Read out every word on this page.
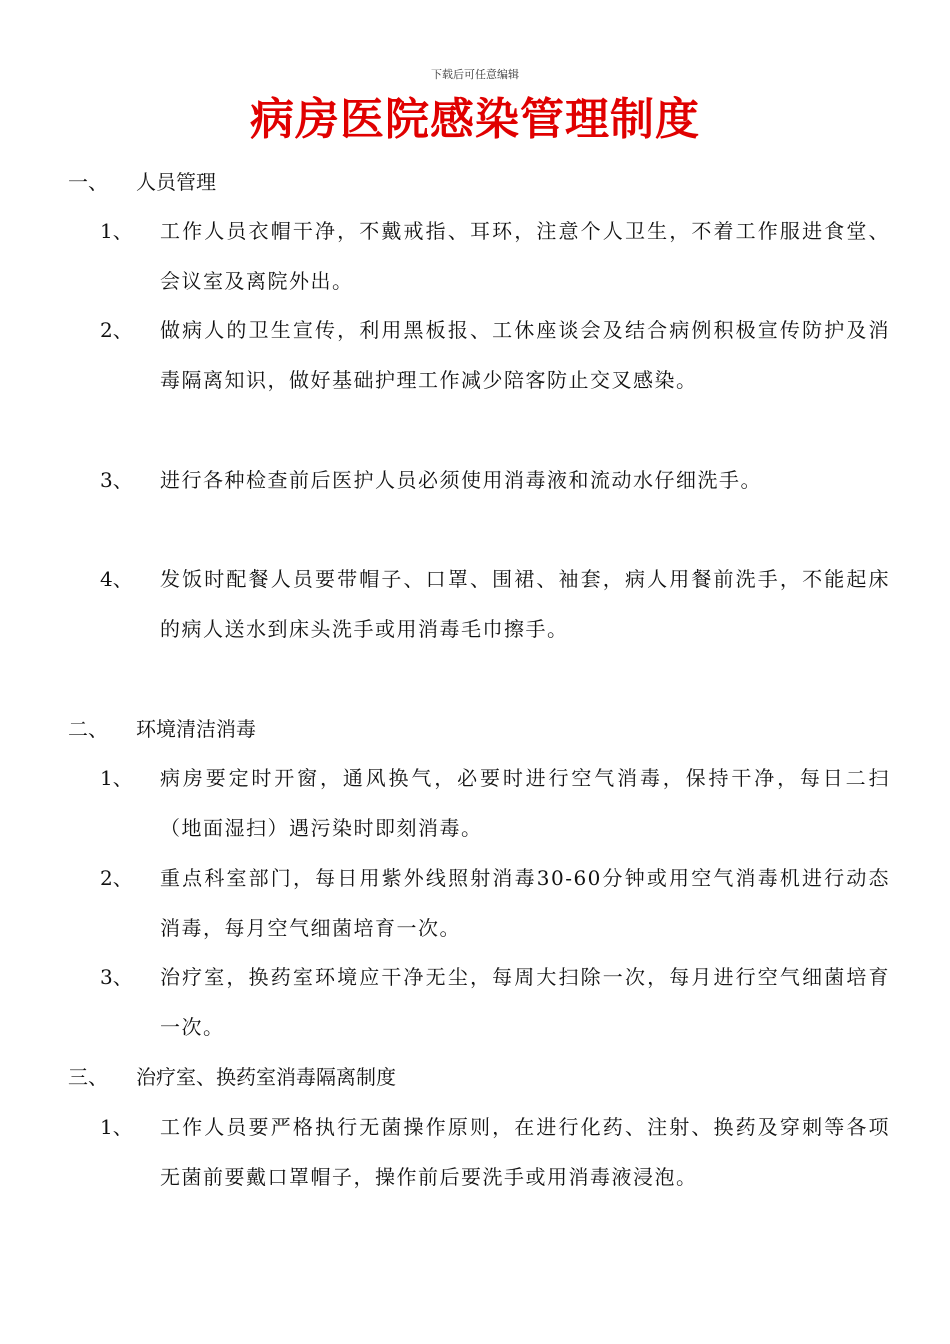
下载后可任意编辑
病房医院感染管理制度
一、 人员管理
1、	工作人员衣帽干净，不戴戒指、耳环，注意个人卫生，不着工作服进食堂、会议室及离院外出。
2、	做病人的卫生宣传，利用黑板报、工休座谈会及结合病例积极宣传防护及消毒隔离知识，做好基础护理工作减少陪客防止交叉感染。
3、	进行各种检查前后医护人员必须使用消毒液和流动水仔细洗手。
4、	发饭时配餐人员要带帽子、口罩、围裙、袖套，病人用餐前洗手，不能起床的病人送水到床头洗手或用消毒毛巾擦手。
二、 环境清洁消毒
1、	病房要定时开窗，通风换气，必要时进行空气消毒，保持干净，每日二扫（地面湿扫）遇污染时即刻消毒。
2、	重点科室部门，每日用紫外线照射消毒30-60分钟或用空气消毒机进行动态消毒，每月空气细菌培育一次。
3、	治疗室，换药室环境应干净无尘，每周大扫除一次，每月进行空气细菌培育一次。
三、 治疗室、换药室消毒隔离制度
1、	工作人员要严格执行无菌操作原则，在进行化药、注射、换药及穿刺等各项无菌前要戴口罩帽子，操作前后要洗手或用消毒液浸泡。
